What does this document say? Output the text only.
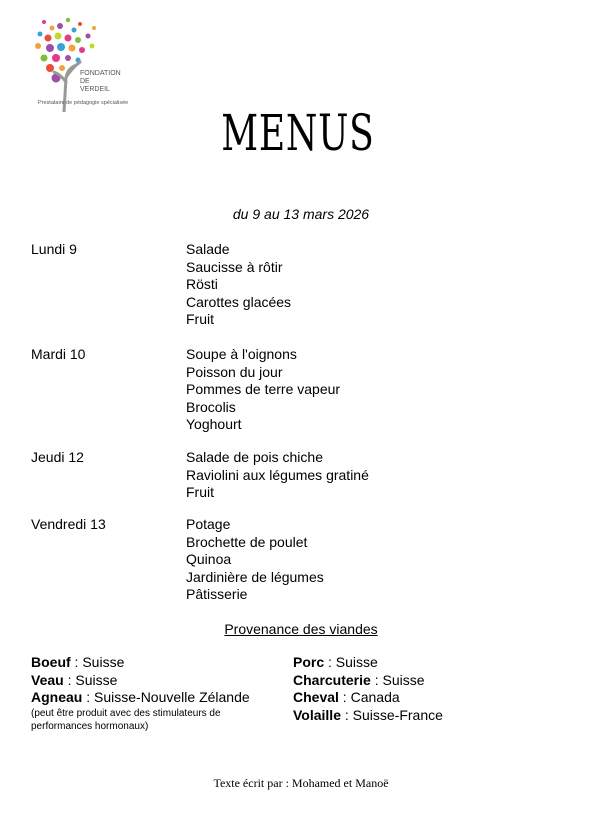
FONDATION
DE
VERDEIL
Prestataire de pédagogie spécialisée
MENUS
du 9 au 13 mars 2026
Lundi 9	Salade
Saucisse à rôtir
Rösti
Carottes glacées
Fruit
Mardi 10	Soupe à l'oignons
Poisson du jour
Pommes de terre vapeur
Brocolis
Yoghourt
Jeudi 12	Salade de pois chiche
Raviolini aux légumes gratiné
Fruit
Vendredi 13	Potage
Brochette de poulet
Quinoa
Jardinière de légumes
Pâtisserie
Provenance des viandes
Boeuf : Suisse
Veau : Suisse
Agneau : Suisse-Nouvelle Zélande
(peut être produit avec des stimulateurs de
performances hormonaux)
Porc : Suisse
Charcuterie : Suisse
Cheval : Canada
Volaille : Suisse-France
Texte écrit par : Mohamed et Manoë
